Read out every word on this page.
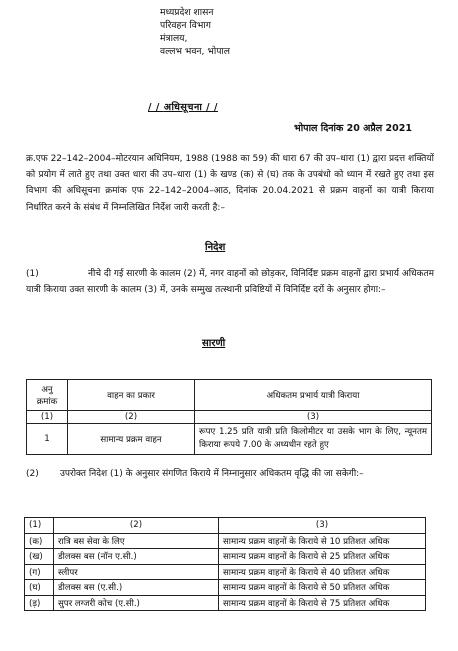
मध्यप्रदेश शासन
परिवहन विभाग
मंत्रालय,
वल्लभ भवन, भोपाल
/ / अधिसूचना / /
भोपाल दिनांक 20 अप्रैल 2021
क्र.एफ 22–142–2004–मोटरयान अधिनियम, 1988 (1988 का 59) की धारा 67 की उप–धारा (1) द्वारा प्रदत्त शक्तियों को प्रयोग में लाते हुए तथा उक्त धारा की उप–धारा (1) के खण्ड (क) से (घ) तक के उपबंधो को ध्यान में रखते हुए तथा इस विभाग की अधिसूचना क्रमांक एफ 22–142–2004–आठ, दिनांक 20.04.2021 से प्रक्रम वाहनों का यात्री किराया निर्धारित करने के संबंध में निम्नलिखित निर्देश जारी करती है:–
निदेश
(1)	नीचे दी गई सारणी के कालम (2) में, नगर वाहनों को छोड़कर, विनिर्दिष्ट प्रक्रम वाहनों द्वारा प्रभार्य अधिकतम यात्री किराया उक्त सारणी के कालम (3) में, उनके सम्मुख तत्स्थानी प्रविष्टियों में विनिर्दिष्ट दरों के अनुसार होगा:–
सारणी
अनु क्रमांक	वाहन का प्रकार	अधिकतम प्रभार्य यात्री किराया
(1)	(2)	(3)
1	सामान्य प्रक्रम वाहन	रूपए 1.25 प्रति यात्री प्रति किलोमीटर या उसके भाग के लिए, न्यूनतम किराया रूपये 7.00 के अध्यधीन रहते हुए
(2) उपरोक्त निदेश (1) के अनुसार संगणित किराये में निम्नानुसार अधिकतम वृद्धि की जा सकेगी:–
(1)	(2)	(3)
(क)	रात्रि बस सेवा के लिए	सामान्य प्रक्रम वाहनों के किराये से 10 प्रतिशत अधिक
(ख)	डीलक्स बस (नॉन ए.सी.)	सामान्य प्रक्रम वाहनों के किराये से 25 प्रतिशत अधिक
(ग)	स्लीपर	सामान्य प्रक्रम वाहनों के किराये से 40 प्रतिशत अधिक
(घ)	डीलक्स बस (ए.सी.)	सामान्य प्रक्रम वाहनों के किराये से 50 प्रतिशत अधिक
(ड़)	सुपर लग्जरी कोच (ए.सी.)	सामान्य प्रक्रम वाहनों के किराये से 75 प्रतिशत अधिक
